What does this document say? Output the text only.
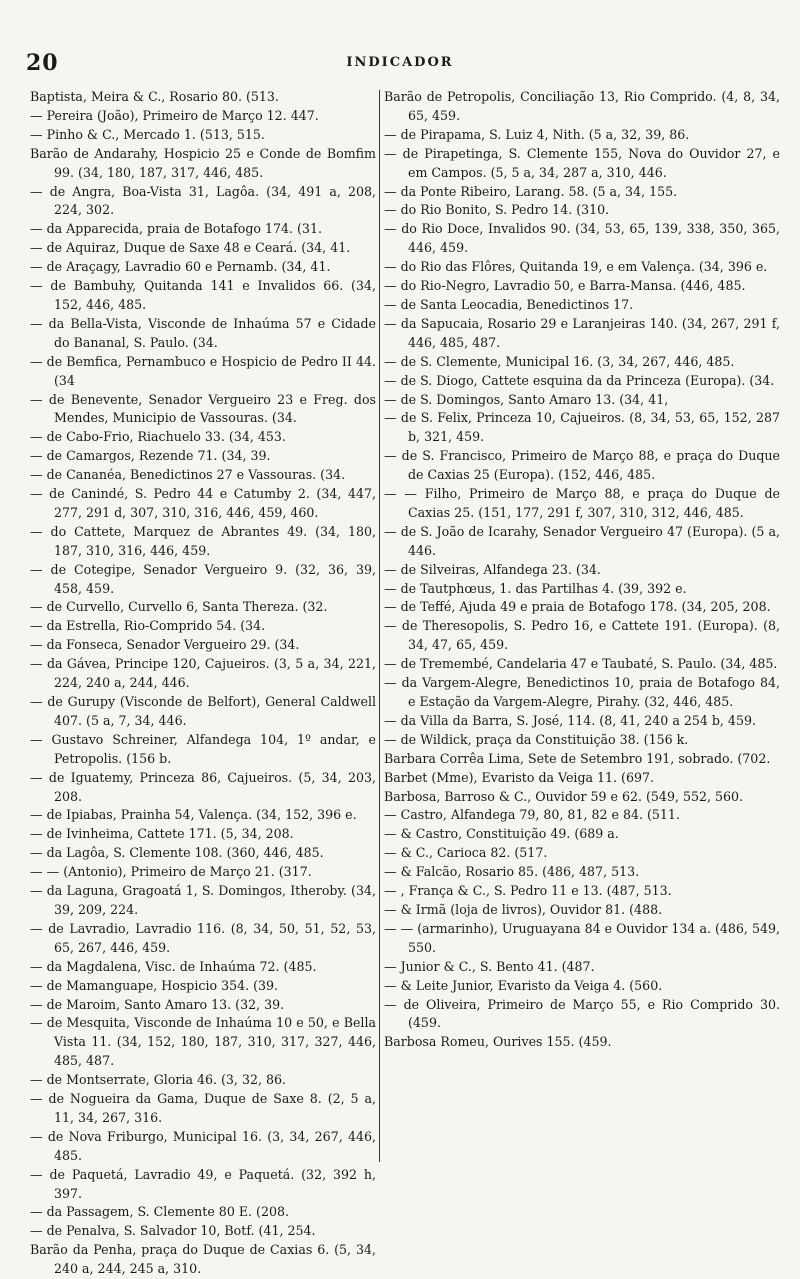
20	INDICADOR

Baptista, Meira & C., Rosario 80. (513.

— Pereira (João), Primeiro de Março 12. 447.

— Pinho & C., Mercado 1. (513, 515.

Barão de Andarahy, Hospicio 25 e Conde de Bomfim 99. (34, 180, 187, 317, 446, 485.

— de Angra, Boa-Vista 31, Lagôa. (34, 491 a, 208, 224, 302.

— da Apparecida, praia de Botafogo 174. (31.

— de Aquiraz, Duque de Saxe 48 e Ceará. (34, 41.

— de Araçagy, Lavradio 60 e Pernamb. (34, 41.

— de Bambuhy, Quitanda 141 e Invalidos 66. (34, 152, 446, 485.

— da Bella-Vista, Visconde de Inhaúma 57 e Cidade do Bananal, S. Paulo. (34.

— de Bemfica, Pernambuco e Hospicio de Pedro II 44. (34

— de Benevente, Senador Vergueiro 23 e Freg. dos Mendes, Municipio de Vassouras. (34.

— de Cabo-Frio, Riachuelo 33. (34, 453.

— de Camargos, Rezende 71. (34, 39.

— de Cananéa, Benedictinos 27 e Vassouras. (34.

— de Canindé, S. Pedro 44 e Catumby 2. (34, 447, 277, 291 d, 307, 310, 316, 446, 459, 460.

— do Cattete, Marquez de Abrantes 49. (34, 180, 187, 310, 316, 446, 459.

— de Cotegipe, Senador Vergueiro 9. (32, 36, 39, 458, 459.

— de Curvello, Curvello 6, Santa Thereza. (32.

— da Estrella, Rio-Comprido 54. (34.

— da Fonseca, Senador Vergueiro 29. (34.

— da Gávea, Principe 120, Cajueiros. (3, 5 a, 34, 221, 224, 240 a, 244, 446.

— de Gurupy (Visconde de Belfort), General Caldwell 407. (5 a, 7, 34, 446.

— Gustavo Schreiner, Alfandega 104, 1º andar, e Petropolis. (156 b.

— de Iguatemy, Princeza 86, Cajueiros. (5, 34, 203, 208.

— de Ipiabas, Prainha 54, Valença. (34, 152, 396 e.

— de Ivinheima, Cattete 171. (5, 34, 208.

— da Lagôa, S. Clemente 108. (360, 446, 485.

— — (Antonio), Primeiro de Março 21. (317.

— da Laguna, Gragoatá 1, S. Domingos, Itheroby. (34, 39, 209, 224.

— de Lavradio, Lavradio 116. (8, 34, 50, 51, 52, 53, 65, 267, 446, 459.

— da Magdalena, Visc. de Inhaúma 72. (485.

— de Mamanguape, Hospicio 354. (39.

— de Maroim, Santo Amaro 13. (32, 39.

— de Mesquita, Visconde de Inhaúma 10 e 50, e Bella Vista 11. (34, 152, 180, 187, 310, 317, 327, 446, 485, 487.

— de Montserrate, Gloria 46. (3, 32, 86.

— de Nogueira da Gama, Duque de Saxe 8. (2, 5 a, 11, 34, 267, 316.

— de Nova Friburgo, Municipal 16. (3, 34, 267, 446, 485.

— de Paquetá, Lavradio 49, e Paquetá. (32, 392 h, 397.

— da Passagem, S. Clemente 80 E. (208.

— de Penalva, S. Salvador 10, Botf. (41, 254.

Barão da Penha, praça do Duque de Caxias 6. (5, 34, 240 a, 244, 245 a, 310.

Barão de Petropolis, Conciliação 13, Rio Comprido. (4, 8, 34, 65, 459.

— de Pirapama, S. Luiz 4, Nith. (5 a, 32, 39, 86.

— de Pirapetinga, S. Clemente 155, Nova do Ouvidor 27, e em Campos. (5, 5 a, 34, 287 a, 310, 446.

— da Ponte Ribeiro, Larang. 58. (5 a, 34, 155.

— do Rio Bonito, S. Pedro 14. (310.

— do Rio Doce, Invalidos 90. (34, 53, 65, 139, 338, 350, 365, 446, 459.

— do Rio das Flôres, Quitanda 19, e em Valença. (34, 396 e.

— do Rio-Negro, Lavradio 50, e Barra-Mansa. (446, 485.

— de Santa Leocadia, Benedictinos 17.

— da Sapucaia, Rosario 29 e Laranjeiras 140. (34, 267, 291 f, 446, 485, 487.

— de S. Clemente, Municipal 16. (3, 34, 267, 446, 485.

— de S. Diogo, Cattete esquina da da Princeza (Europa). (34.

— de S. Domingos, Santo Amaro 13. (34, 41,

— de S. Felix, Princeza 10, Cajueiros. (8, 34, 53, 65, 152, 287 b, 321, 459.

— de S. Francisco, Primeiro de Março 88, e praça do Duque de Caxias 25 (Europa). (152, 446, 485.

— — Filho, Primeiro de Março 88, e praça do Duque de Caxias 25. (151, 177, 291 f, 307, 310, 312, 446, 485.

— de S. João de Icarahy, Senador Vergueiro 47 (Europa). (5 a, 446.

— de Silveiras, Alfandega 23. (34.

— de Tautphœus, 1. das Partilhas 4. (39, 392 e.

— de Teffé, Ajuda 49 e praia de Botafogo 178. (34, 205, 208.

— de Theresopolis, S. Pedro 16, e Cattete 191. (Europa). (8, 34, 47, 65, 459.

— de Tremembé, Candelaria 47 e Taubaté, S. Paulo. (34, 485.

— da Vargem-Alegre, Benedictinos 10, praia de Botafogo 84, e Estação da Vargem-Alegre, Pirahy. (32, 446, 485.

— da Villa da Barra, S. José, 114. (8, 41, 240 a 254 b, 459.

— de Wildick, praça da Constituição 38. (156 k.

Barbara Corrêa Lima, Sete de Setembro 191, sobrado. (702.

Barbet (Mme), Evaristo da Veiga 11. (697.

Barbosa, Barroso & C., Ouvidor 59 e 62. (549, 552, 560.

— Castro, Alfandega 79, 80, 81, 82 e 84. (511.

— & Castro, Constituição 49. (689 a.

— & C., Carioca 82. (517.

— & Falcão, Rosario 85. (486, 487, 513.

— , França & C., S. Pedro 11 e 13. (487, 513.

— & Irmã (loja de livros), Ouvidor 81. (488.

— — (armarinho), Uruguayana 84 e Ouvidor 134 a. (486, 549, 550.

— Junior & C., S. Bento 41. (487.

— & Leite Junior, Evaristo da Veiga 4. (560.

— de Oliveira, Primeiro de Março 55, e Rio Comprido 30. (459.

Barbosa Romeu, Ourives 155. (459.
